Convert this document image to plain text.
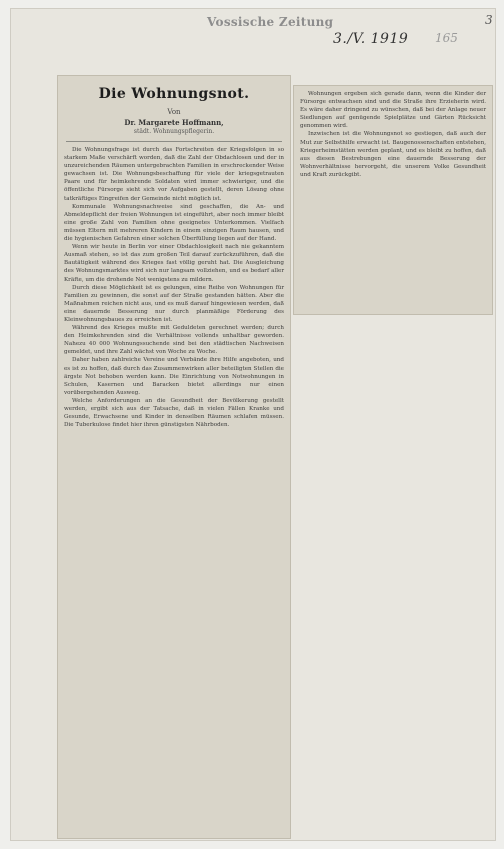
Vossische Zeitung
3./V. 1919 165
3
Die Wohnungsnot.
Von
Dr. Margarete Hoffmann,
städt. Wohnungspflegerin.

Die Wohnungsfrage ist durch das Fortschreiten der Kriegsfolgen in so starkem Maße verschärft worden, daß die Zahl der Obdachlosen und der in unzureichenden Räumen untergebrachten Familien in erschreckender Weise gewachsen ist. Die Wohnungsbeschaffung für viele der kriegsgetrauten Paare und für heimkehrende Soldaten wird immer schwieriger, und die öffentliche Fürsorge sieht sich vor Aufgaben gestellt, deren Lösung ohne tatkräftiges Eingreifen der Gemeinde nicht möglich ist.

Kommunale Wohnungsnachweise sind geschaffen, die An- und Abmeldepflicht der freien Wohnungen ist eingeführt, aber noch immer bleibt eine große Zahl von Familien ohne geeignetes Unterkommen. Vielfach müssen Eltern mit mehreren Kindern in einem einzigen Raum hausen, und die hygienischen Gefahren einer solchen Überfüllung liegen auf der Hand.

Wenn wir heute in Berlin vor einer Obdachlosigkeit nach nie gekanntem Ausmaß stehen, so ist das zum großen Teil darauf zurückzuführen, daß die Bautätigkeit während des Krieges fast völlig geruht hat. Die Ausgleichung des Wohnungsmarktes wird sich nur langsam vollziehen, und es bedarf aller Kräfte, um die drohende Not wenigstens zu mildern.

Durch diese Möglichkeit ist es gelungen, eine Reihe von Wohnungen für Familien zu gewinnen, die sonst auf der Straße gestanden hätten. Aber die Maßnahmen reichen nicht aus, und es muß darauf hingewiesen werden, daß eine dauernde Besserung nur durch planmäßige Förderung des Kleinwohnungsbaues zu erreichen ist.

Während des Krieges mußte mit Geduldeten gerechnet werden; durch den Heimkehrenden sind die Verhältnisse vollends unhaltbar geworden. Nahezu 40 000 Wohnungssuchende sind bei den städtischen Nachweisen gemeldet, und ihre Zahl wächst von Woche zu Woche.

Daher haben zahlreiche Vereine und Verbände ihre Hilfe angeboten, und es ist zu hoffen, daß durch das Zusammenwirken aller beteiligten Stellen die ärgste Not behoben werden kann. Die Einrichtung von Notwohnungen in Schulen, Kasernen und Baracken bietet allerdings nur einen vorübergehenden Ausweg.

Welche Anforderungen an die Gesundheit der Bevölkerung gestellt werden, ergibt sich aus der Tatsache, daß in vielen Fällen Kranke und Gesunde, Erwachsene und Kinder in denselben Räumen schlafen müssen. Die Tuberkulose findet hier ihren günstigsten Nährboden.

Wohnungen ergeben sich gerade dann, wenn die Kinder der Fürsorge entwachsen sind und die Straße ihre Erzieherin wird. Es wäre daher dringend zu wünschen, daß bei der Anlage neuer Siedlungen auf genügende Spielplätze und Gärten Rücksicht genommen wird.

Inzwischen ist die Wohnungsnot so gestiegen, daß auch der Mut zur Selbsthilfe erwacht ist. Baugenossenschaften entstehen, Kriegerheimstätten werden geplant, und es bleibt zu hoffen, daß aus diesen Bestrebungen eine dauernde Besserung der Wohnverhältnisse hervorgeht, die unserem Volke Gesundheit und Kraft zurückgibt.
